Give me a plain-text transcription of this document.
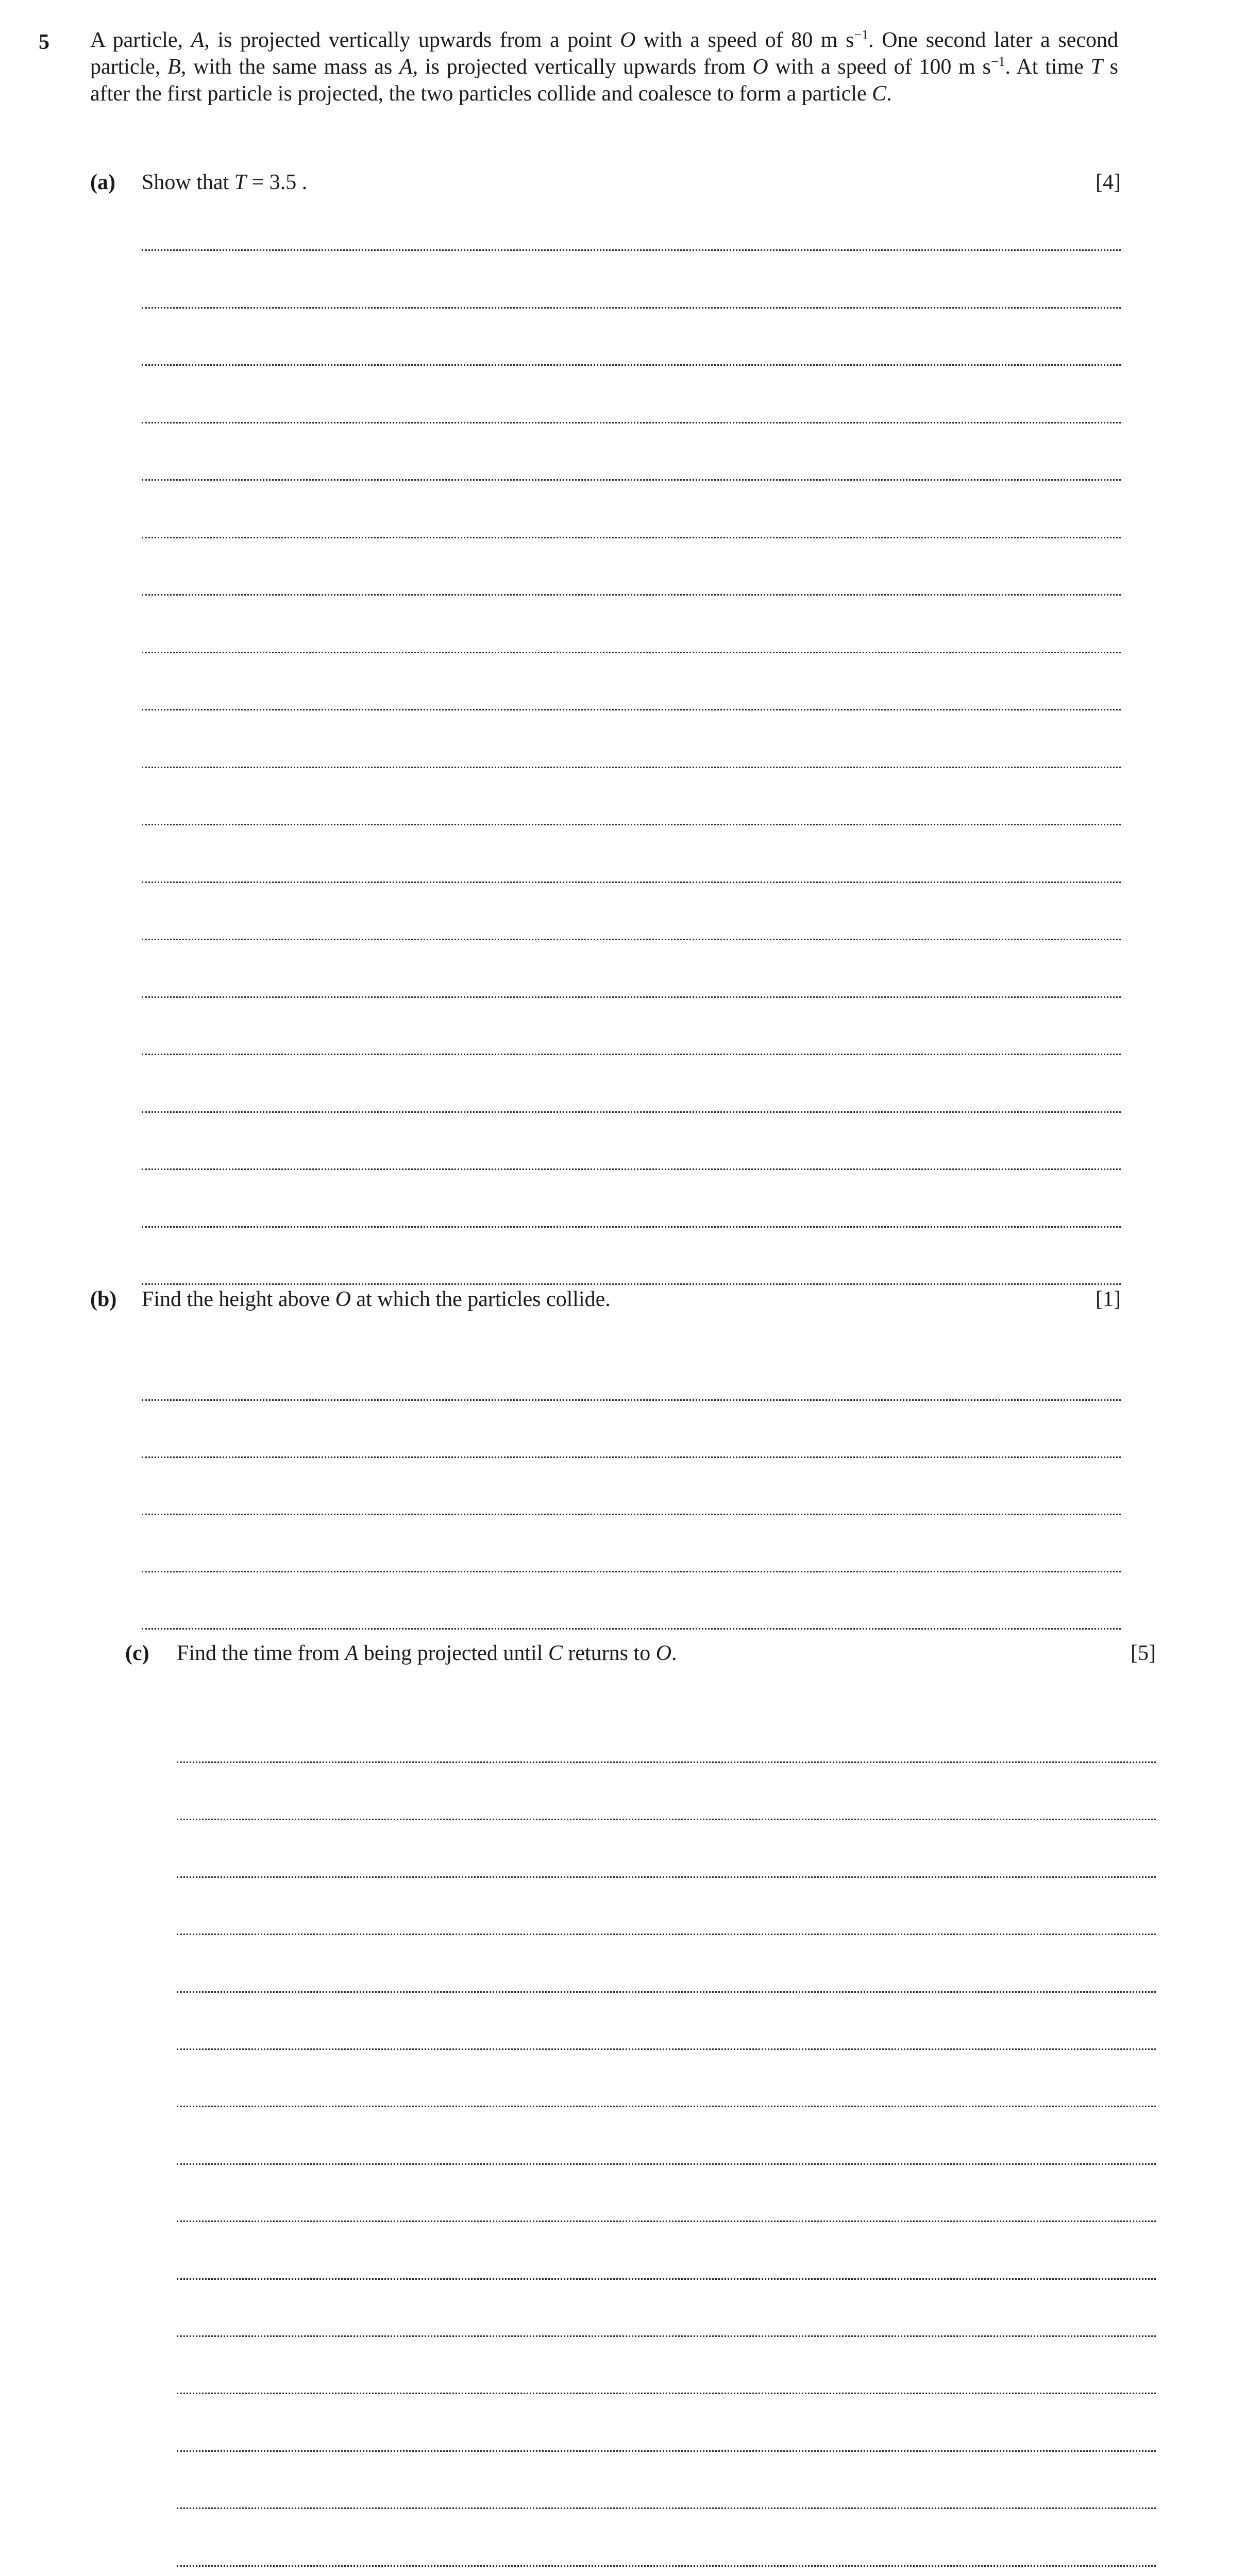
5 A particle, A, is projected vertically upwards from a point O with a speed of 80 m $s^{-1}$. One second later a second particle, B, with the same mass as A, is projected vertically upwards from O with a speed of 100 m $s^{-1}$. At time T s after the first particle is projected, the two particles collide and coalesce to form a particle C.
(a) Show that T = 3.5 .	[4]
(b) Find the height above O at which the particles collide.	[1]
(c) Find the time from A being projected until C returns to O.	[5]
